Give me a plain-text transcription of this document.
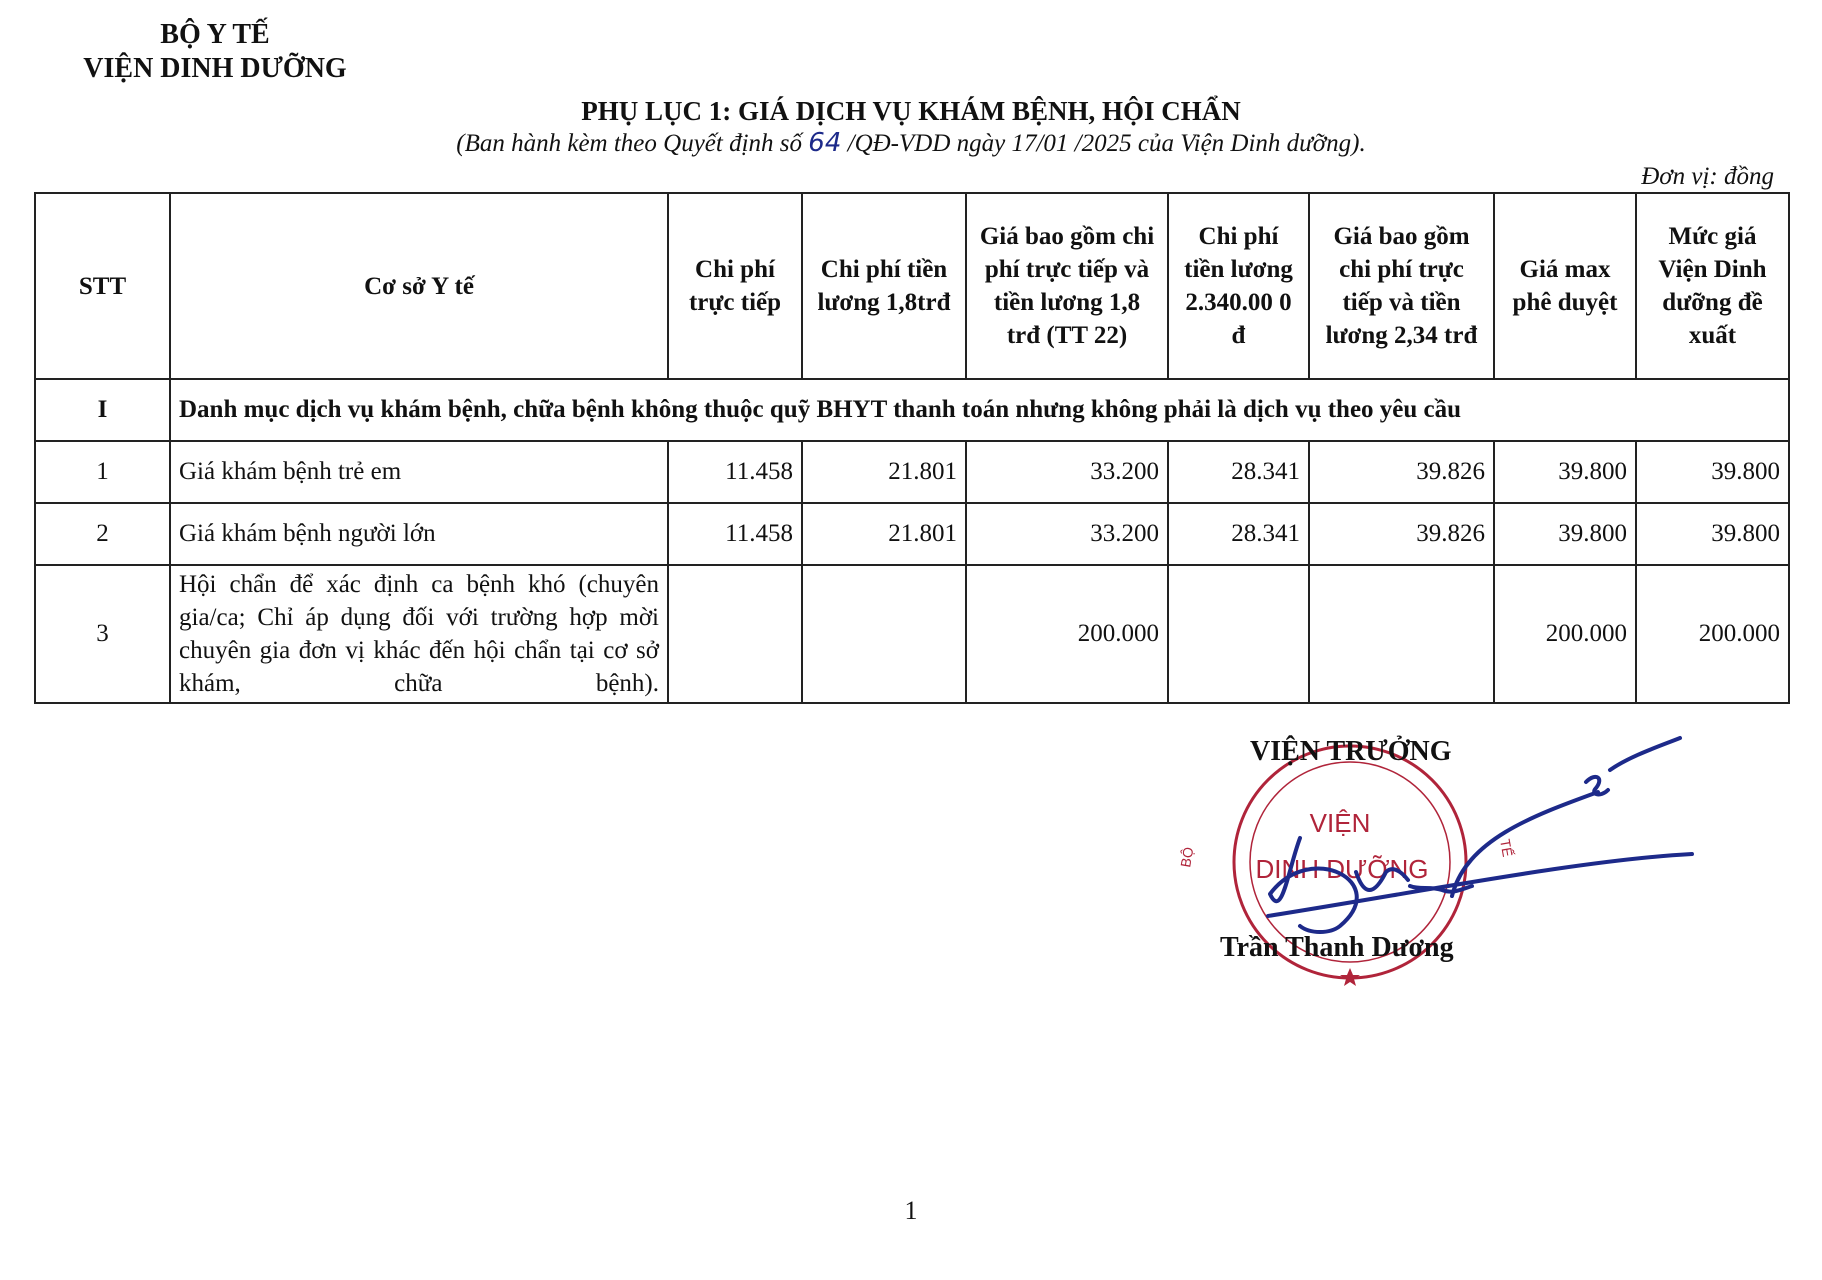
BỘ Y TẾ
VIỆN DINH DƯỠNG
PHỤ LỤC 1: GIÁ DỊCH VỤ KHÁM BỆNH, HỘI CHẨN
(Ban hành kèm theo Quyết định số 64 /QĐ-VDD ngày 17/01 /2025 của Viện Dinh dưỡng).
Đơn vị: đồng
STT	Cơ sở Y tế	Chi phí trực tiếp	Chi phí tiền lương 1,8trđ	Giá bao gồm chi phí trực tiếp và tiền lương 1,8 trđ (TT 22)	Chi phí tiền lương 2.340.00 0 đ	Giá bao gồm chi phí trực tiếp và tiền lương 2,34 trđ	Giá max phê duyệt	Mức giá Viện Dinh dưỡng đề xuất
I	Danh mục dịch vụ khám bệnh, chữa bệnh không thuộc quỹ BHYT thanh toán nhưng không phải là dịch vụ theo yêu cầu							
1	Giá khám bệnh trẻ em	11.458	21.801	33.200	28.341	39.826	39.800	39.800
2	Giá khám bệnh người lớn	11.458	21.801	33.200	28.341	39.826	39.800	39.800
3	Hội chẩn để xác định ca bệnh khó (chuyên gia/ca; Chỉ áp dụng đối với trường hợp mời chuyên gia đơn vị khác đến hội chẩn tại cơ sở khám, chữa bệnh).			200.000			200.000	200.000
VIỆN
DINH DƯỠNG
BỘ	TẾ
VIỆN TRƯỞNG
Trần Thanh Dương
1
